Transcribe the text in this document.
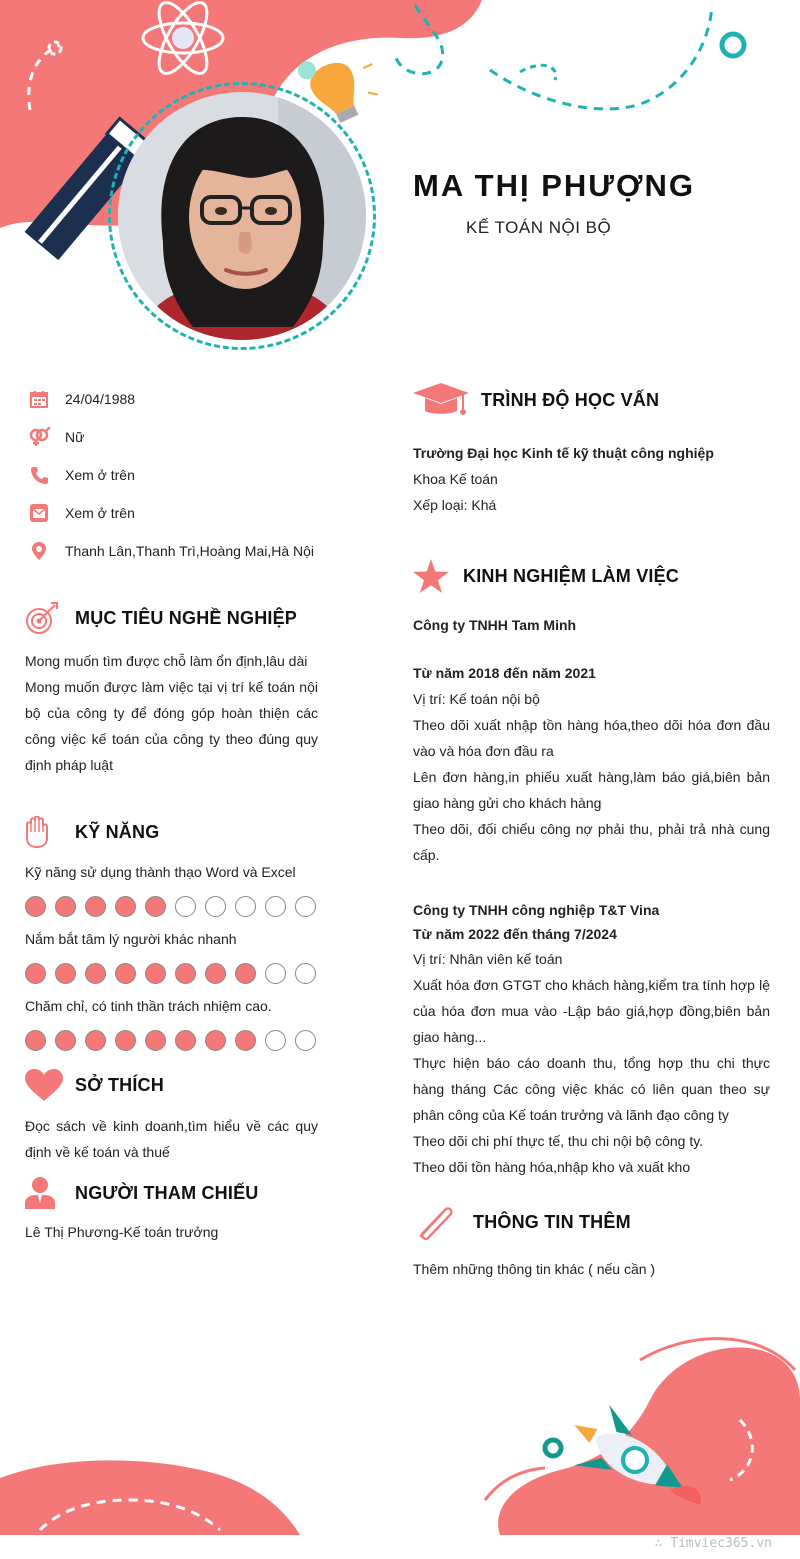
MA THỊ PHƯỢNG
KẾ TOÁN NỘI BỘ
24/04/1988
Nữ
Xem ở trên
Xem ở trên
Thanh Lân,Thanh Trì,Hoàng Mai,Hà Nội
MỤC TIÊU NGHỀ NGHIỆP
Mong muốn tìm được chỗ làm ổn định,lâu dài
Mong muốn được làm việc tại vị trí kế toán nội bộ của công ty để đóng góp hoàn thiện các công việc kế toán của công ty theo đúng quy định pháp luật
KỸ NĂNG
Kỹ năng sử dụng thành thạo Word và Excel
Nắm bắt tâm lý người khác nhanh
Chăm chỉ, có tinh thần trách nhiệm cao.
SỞ THÍCH
Đọc sách về kinh doanh,tìm hiểu về các quy định về kế toán và thuế
NGƯỜI THAM CHIẾU
Lê Thị Phương-Kế toán trưởng
TRÌNH ĐỘ HỌC VẤN
Trường Đại học Kinh tế kỹ thuật công nghiệp
Khoa Kế toán
Xếp loại: Khá
KINH NGHIỆM LÀM VIỆC
Công ty TNHH Tam Minh
Từ năm 2018 đến năm 2021
Vị trí: Kế toán nội bộ
Theo dõi xuất nhập tồn hàng hóa,theo dõi hóa đơn đầu vào và hóa đơn đầu ra
Lên đơn hàng,in phiếu xuất hàng,làm báo giá,biên bản giao hàng gửi cho khách hàng
Theo dõi, đối chiếu công nợ phải thu, phải trả nhà cung cấp.
Công ty TNHH công nghiệp T&T Vina
Từ năm 2022 đến tháng 7/2024
Vị trí: Nhân viên kế toán
Xuất hóa đơn GTGT cho khách hàng,kiểm tra tính hợp lệ của hóa đơn mua vào -Lập báo giá,hợp đồng,biên bản giao hàng...
Thực hiện báo cáo doanh thu, tổng hợp thu chi thực hàng tháng Các công việc khác có liên quan theo sự phân công của Kế toán trưởng và lãnh đạo công ty
Theo dõi chi phí thực tế, thu chi nội bộ công ty.
Theo dõi tồn hàng hóa,nhập kho và xuất kho
THÔNG TIN THÊM
Thêm những thông tin khác ( nếu cần )
∴ Timviec365.vn
